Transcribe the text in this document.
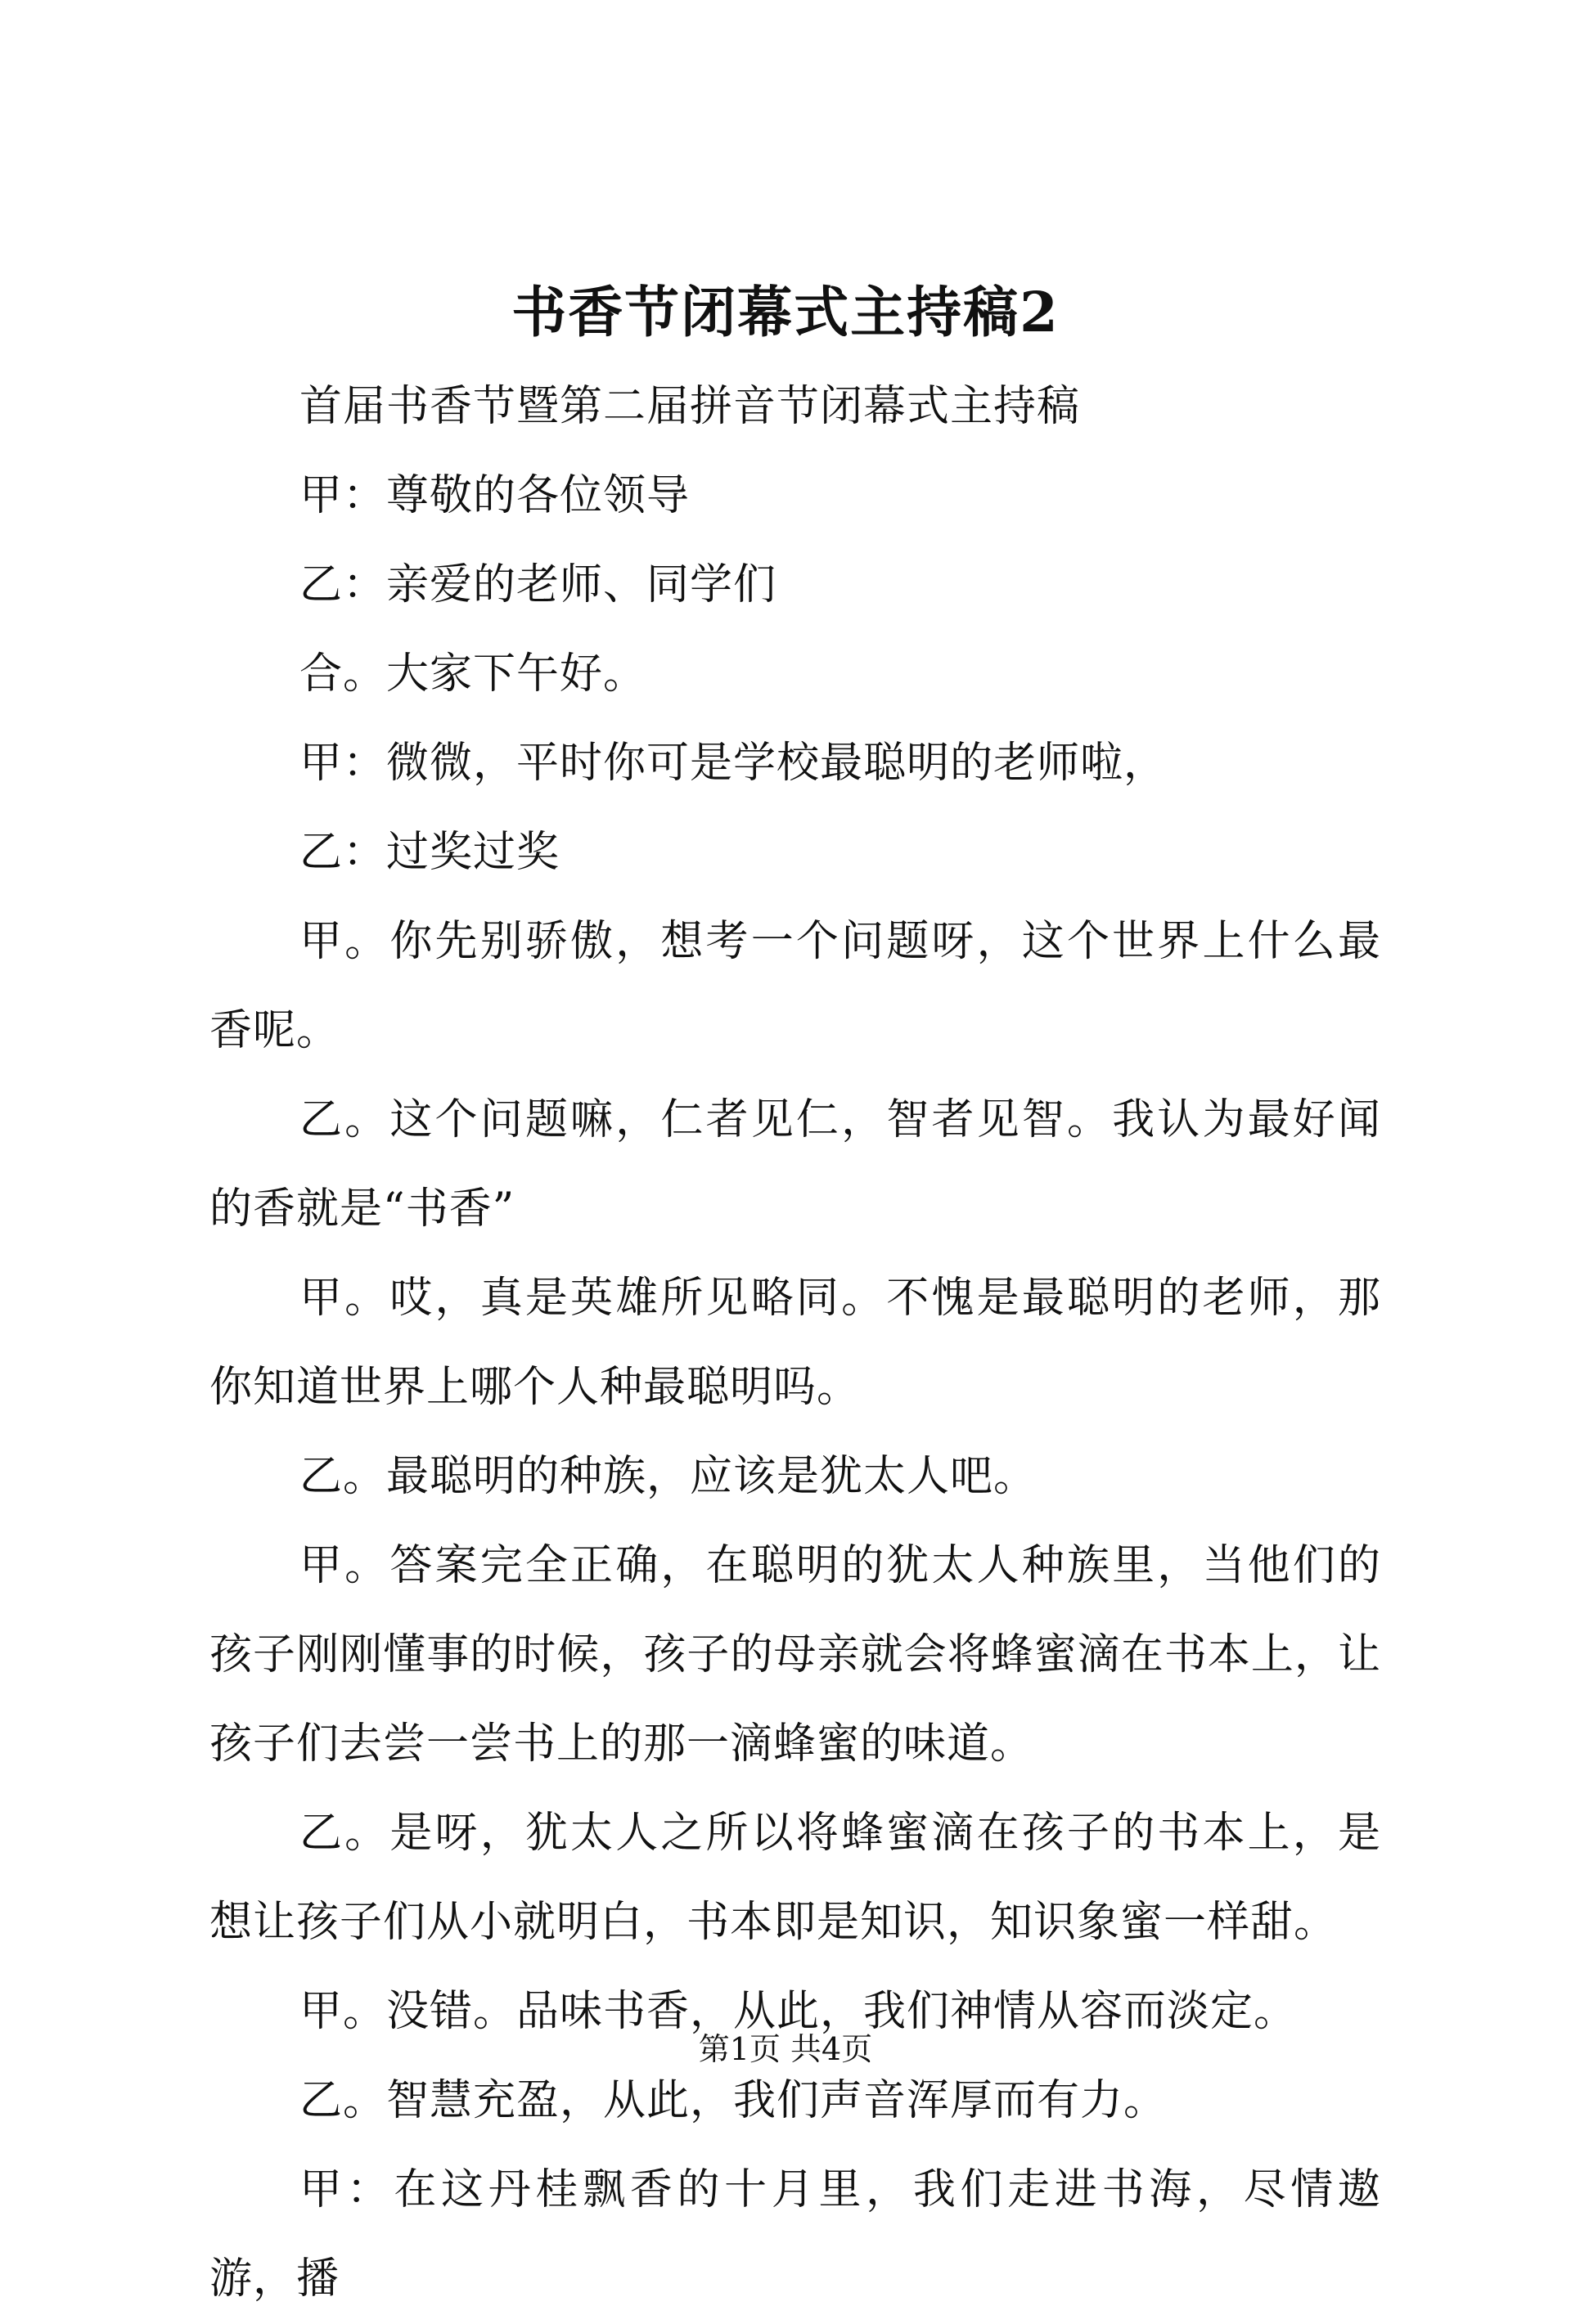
书香节闭幕式主持稿2

首届书香节暨第二届拼音节闭幕式主持稿

甲：尊敬的各位领导

乙：亲爱的老师、同学们

合。大家下午好。

甲：微微，平时你可是学校最聪明的老师啦，

乙：过奖过奖

甲。你先别骄傲，想考一个问题呀，这个世界上什么最香呢。

乙。这个问题嘛，仁者见仁，智者见智。我认为最好闻的香就是“书香”

甲。哎，真是英雄所见略同。不愧是最聪明的老师，那你知道世界上哪个人种最聪明吗。

乙。最聪明的种族，应该是犹太人吧。

甲。答案完全正确，在聪明的犹太人种族里，当他们的孩子刚刚懂事的时候，孩子的母亲就会将蜂蜜滴在书本上，让孩子们去尝一尝书上的那一滴蜂蜜的味道。

乙。是呀，犹太人之所以将蜂蜜滴在孩子的书本上，是想让孩子们从小就明白，书本即是知识，知识象蜜一样甜。

甲。没错。品味书香，从此，我们神情从容而淡定。

乙。智慧充盈，从此，我们声音浑厚而有力。

甲：在这丹桂飘香的十月里，我们走进书海，尽情遨游，播

第1页 共4页
